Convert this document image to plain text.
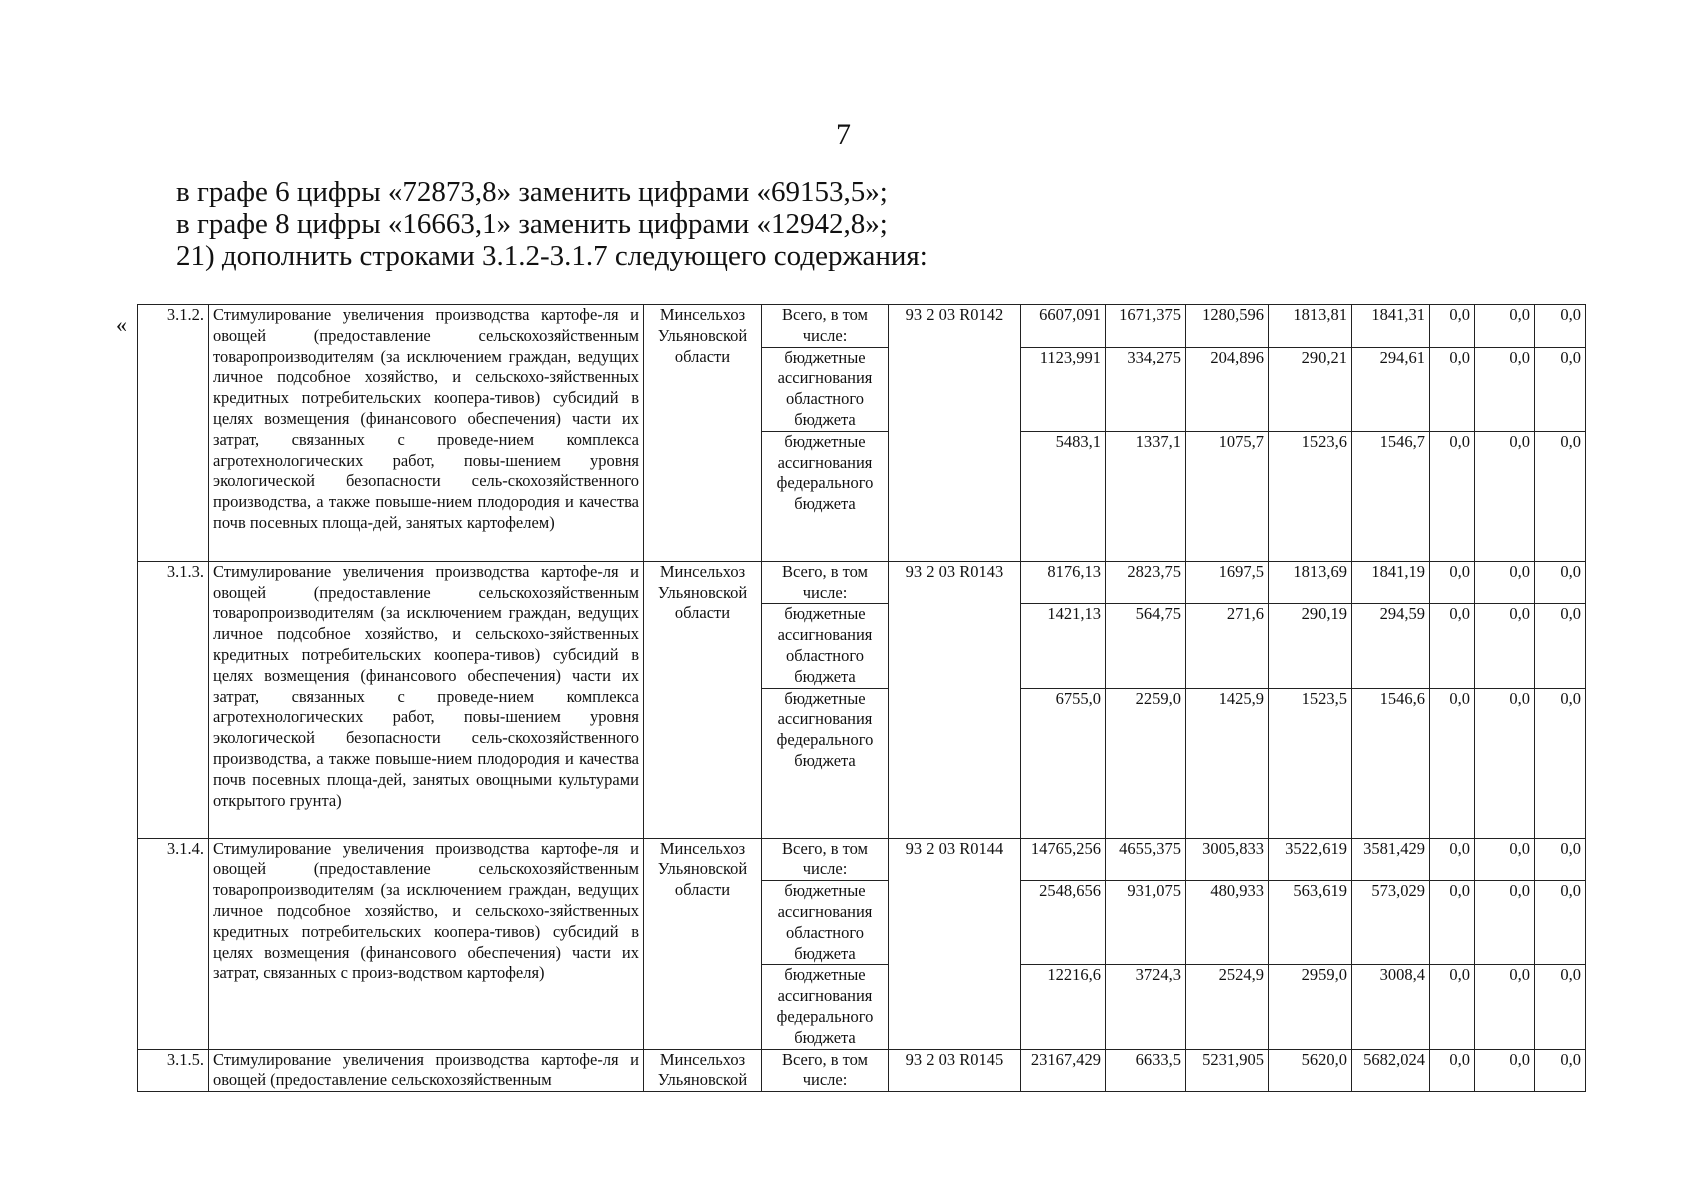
7
в графе 6 цифры «72873,8» заменить цифрами «69153,5»;
в графе 8 цифры «16663,1» заменить цифрами «12942,8»;
21) дополнить строками 3.1.2-3.1.7 следующего содержания:
« 3.1.2.	Стимулирование увеличения производства картофе-ля и овощей (предоставление сельскохозяйственным товаропроизводителям (за исключением граждан, ведущих личное подсобное хозяйство, и сельскохо-зяйственных кредитных потребительских коопера-тивов) субсидий в целях возмещения (финансового обеспечения) части их затрат, связанных с проведе-нием комплекса агротехнологических работ, повы-шением уровня экологической безопасности сель-скохозяйственного производства, а также повыше-нием плодородия и качества почв посевных площа-дей, занятых картофелем)	Минсельхоз Ульяновской области	Всего, в том числе:	93 2 03 R0142	6607,091	1671,375	1280,596	1813,81	1841,31	0,0	0,0	0,0
			бюджетные ассигнования областного бюджета		1123,991	334,275	204,896	290,21	294,61	0,0	0,0	0,0
			бюджетные ассигнования федерального бюджета		5483,1	1337,1	1075,7	1523,6	1546,7	0,0	0,0	0,0
3.1.3.	Стимулирование увеличения производства картофе-ля и овощей (предоставление сельскохозяйственным товаропроизводителям (за исключением граждан, ведущих личное подсобное хозяйство, и сельскохо-зяйственных кредитных потребительских коопера-тивов) субсидий в целях возмещения (финансового обеспечения) части их затрат, связанных с проведе-нием комплекса агротехнологических работ, повы-шением уровня экологической безопасности сель-скохозяйственного производства, а также повыше-нием плодородия и качества почв посевных площа-дей, занятых овощными культурами открытого грунта)	Минсельхоз Ульяновской области	Всего, в том числе:	93 2 03 R0143	8176,13	2823,75	1697,5	1813,69	1841,19	0,0	0,0	0,0
			бюджетные ассигнования областного бюджета		1421,13	564,75	271,6	290,19	294,59	0,0	0,0	0,0
			бюджетные ассигнования федерального бюджета		6755,0	2259,0	1425,9	1523,5	1546,6	0,0	0,0	0,0
3.1.4.	Стимулирование увеличения производства картофе-ля и овощей (предоставление сельскохозяйственным товаропроизводителям (за исключением граждан, ведущих личное подсобное хозяйство, и сельскохо-зяйственных кредитных потребительских коопера-тивов) субсидий в целях возмещения (финансового обеспечения) части их затрат, связанных с произ-водством картофеля)	Минсельхоз Ульяновской области	Всего, в том числе:	93 2 03 R0144	14765,256	4655,375	3005,833	3522,619	3581,429	0,0	0,0	0,0
			бюджетные ассигнования областного бюджета		2548,656	931,075	480,933	563,619	573,029	0,0	0,0	0,0
			бюджетные ассигнования федерального бюджета		12216,6	3724,3	2524,9	2959,0	3008,4	0,0	0,0	0,0
3.1.5.	Стимулирование увеличения производства картофе-ля и овощей (предоставление сельскохозяйственным	Минсельхоз Ульяновской	Всего, в том числе:	93 2 03 R0145	23167,429	6633,5	5231,905	5620,0	5682,024	0,0	0,0	0,0
